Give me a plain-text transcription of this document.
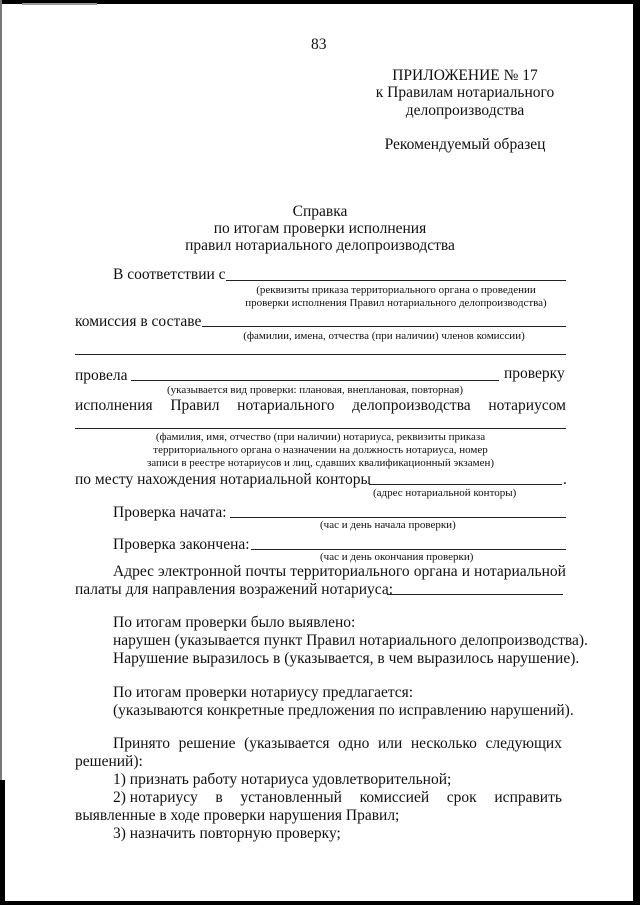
83
ПРИЛОЖЕНИЕ № 17
к Правилам нотариального
делопроизводства
Рекомендуемый образец
Справка
по итогам проверки исполнения
правил нотариального делопроизводства
В соответствии с
(реквизиты приказа территориального органа о проведении
проверки исполнения Правил нотариального делопроизводства)
комиссия в составе
(фамилии, имена, отчества (при наличии) членов комиссии)
провела	проверку
(указывается вид проверки: плановая, внеплановая, повторная)
исполнения Правил нотариального делопроизводства нотариусом
(фамилия, имя, отчество (при наличии) нотариуса, реквизиты приказа
территориального органа о назначении на должность нотариуса, номер
записи в реестре нотариусов и лиц, сдавших квалификационный экзамен)
по месту нахождения нотариальной конторы	.
(адрес нотариальной конторы)
Проверка начата:
(час и день начала проверки)
Проверка закончена:
(час и день окончания проверки)
Адрес электронной почты территориального органа и нотариальной
палаты для направления возражений нотариуса:
По итогам проверки было выявлено:
нарушен (указывается пункт Правил нотариального делопроизводства).
Нарушение выразилось в (указывается, в чем выразилось нарушение).
По итогам проверки нотариусу предлагается:
(указываются конкретные предложения по исправлению нарушений).
Принято решение (указывается одно или несколько следующих
решений):
1) признать работу нотариуса удовлетворительной;
2) нотариусу в установленный комиссией срок исправить
выявленные в ходе проверки нарушения Правил;
3) назначить повторную проверку;
